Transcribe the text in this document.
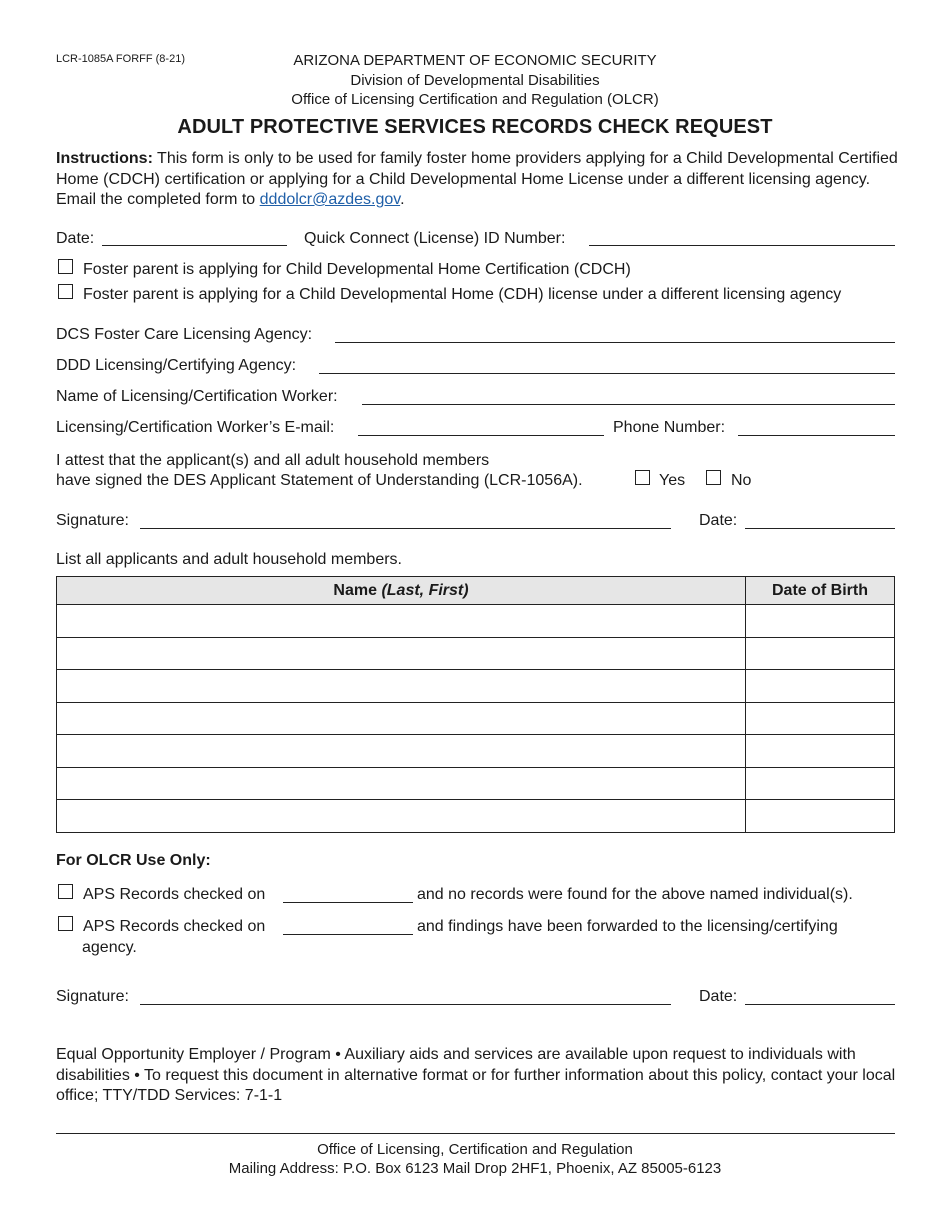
LCR-1085A FORFF (8-21)	ARIZONA DEPARTMENT OF ECONOMIC SECURITY
Division of Developmental Disabilities
Office of Licensing Certification and Regulation (OLCR)
ADULT PROTECTIVE SERVICES RECORDS CHECK REQUEST
Instructions: This form is only to be used for family foster home providers applying for a Child Developmental Certified Home (CDCH) certification or applying for a Child Developmental Home License under a different licensing agency. Email the completed form to dddolcr@azdes.gov.
Date:	Quick Connect (License) ID Number:
Foster parent is applying for Child Developmental Home Certification (CDCH)
Foster parent is applying for a Child Developmental Home (CDH) license under a different licensing agency
DCS Foster Care Licensing Agency:
DDD Licensing/Certifying Agency:
Name of Licensing/Certification Worker:
Licensing/Certification Worker’s E-mail:	Phone Number:
I attest that the applicant(s) and all adult household members
have signed the DES Applicant Statement of Understanding (LCR-1056A).	Yes	No
Signature:	Date:
List all applicants and adult household members.
Name (Last, First)	Date of Birth

For OLCR Use Only:
APS Records checked on	and no records were found for the above named individual(s).
APS Records checked on	and findings have been forwarded to the licensing/certifying
agency.
Signature:	Date:
Equal Opportunity Employer / Program • Auxiliary aids and services are available upon request to individuals with disabilities • To request this document in alternative format or for further information about this policy, contact your local office; TTY/TDD Services: 7-1-1
Office of Licensing, Certification and Regulation
Mailing Address: P.O. Box 6123 Mail Drop 2HF1, Phoenix, AZ 85005-6123
